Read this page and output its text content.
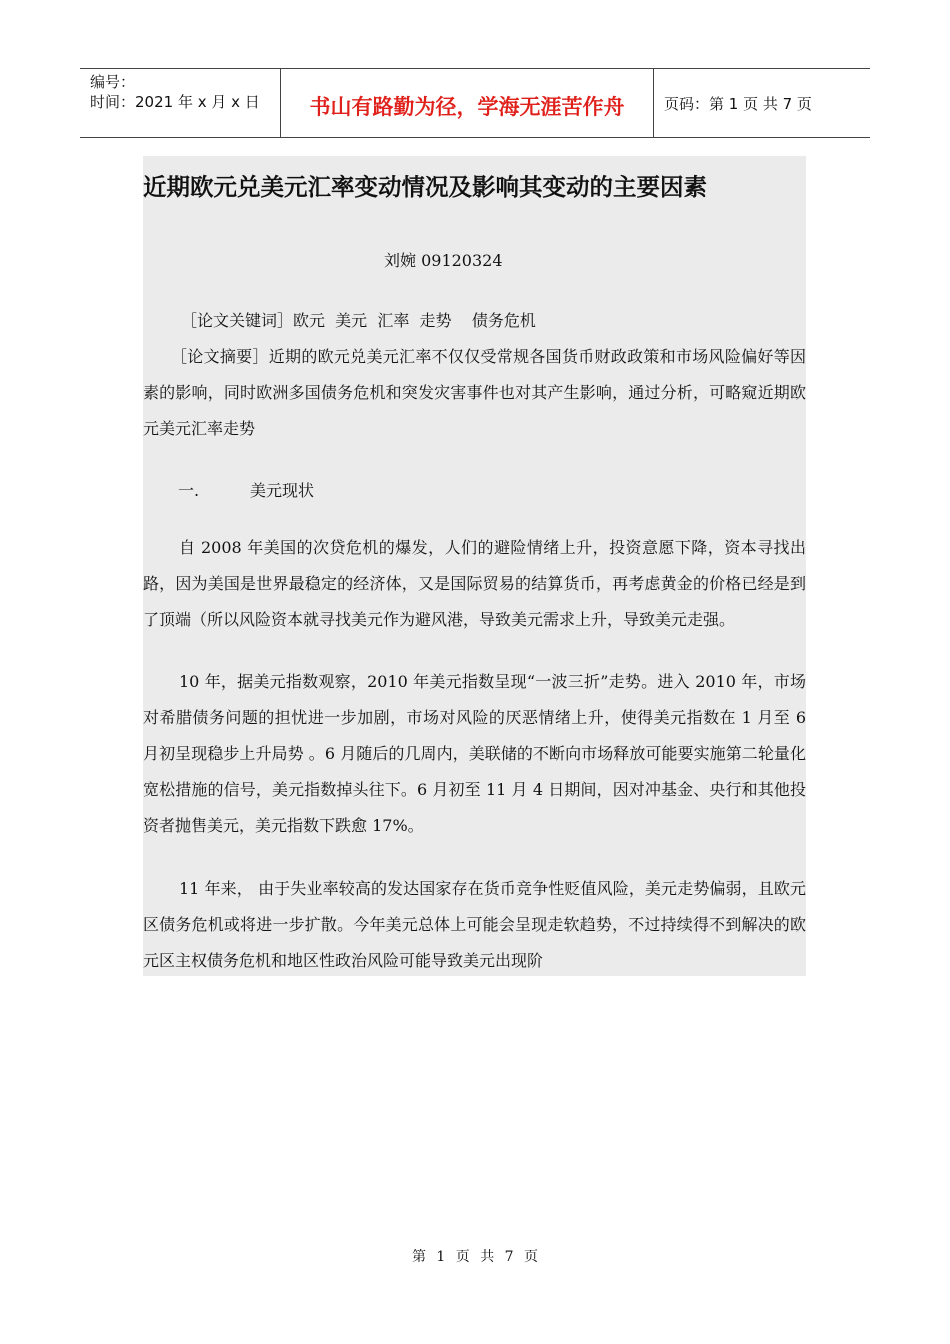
编号：
时间：2021 年 x 月 x 日	书山有路勤为径，学海无涯苦作舟	页码：第 1 页 共 7 页
近期欧元兑美元汇率变动情况及影响其变动的主要因素
刘婉 09120324
［论文关键词］欧元  美元  汇率  走势    债务危机

［论文摘要］近期的欧元兑美元汇率不仅仅受常规各国货币财政政策和市场风险偏好等因素的影响，同时欧洲多国债务危机和突发灾害事件也对其产生影响，通过分析，可略窥近期欧元美元汇率走势

一.          美元现状

自 2008 年美国的次贷危机的爆发，人们的避险情绪上升，投资意愿下降，资本寻找出路，因为美国是世界最稳定的经济体，又是国际贸易的结算货币，再考虑黄金的价格已经是到了顶端（所以风险资本就寻找美元作为避风港，导致美元需求上升，导致美元走强。

10 年，据美元指数观察，2010 年美元指数呈现“一波三折”走势。进入 2010 年，市场对希腊债务问题的担忧进一步加剧，市场对风险的厌恶情绪上升，使得美元指数在 1 月至 6 月初呈现稳步上升局势 。6 月随后的几周内，美联储的不断向市场释放可能要实施第二轮量化宽松措施的信号，美元指数掉头往下。6 月初至 11 月 4 日期间，因对冲基金、央行和其他投资者抛售美元，美元指数下跌愈 17%。

11 年来， 由于失业率较高的发达国家存在货币竞争性贬值风险，美元走势偏弱，且欧元区债务危机或将进一步扩散。今年美元总体上可能会呈现走软趋势，不过持续得不到解决的欧元区主权债务危机和地区性政治风险可能导致美元出现阶

第 1 页 共 7 页
